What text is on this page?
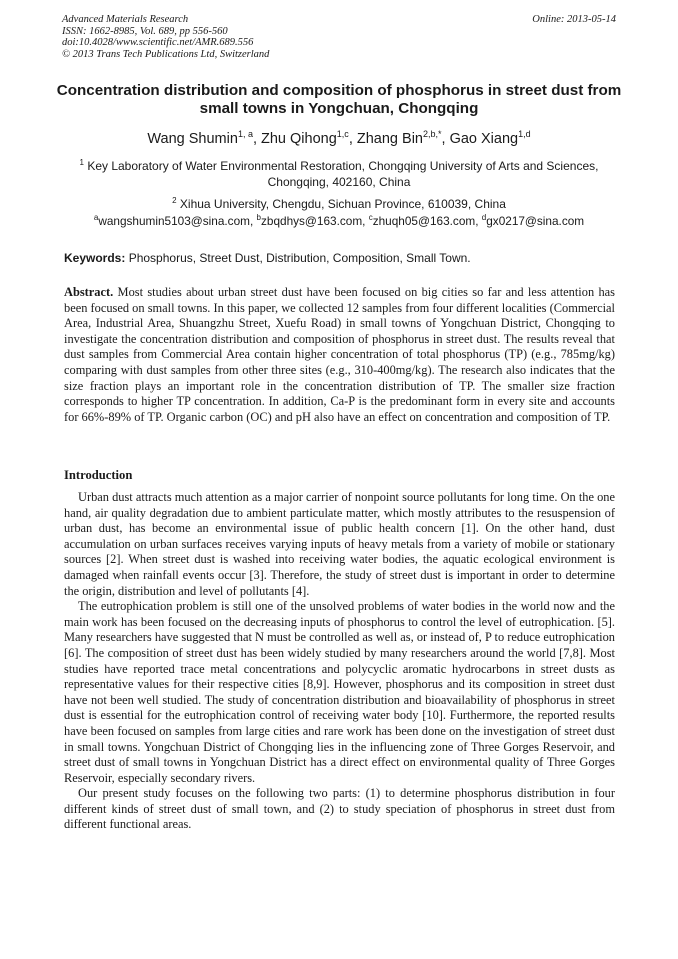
Advanced Materials Research
ISSN: 1662-8985, Vol. 689, pp 556-560
doi:10.4028/www.scientific.net/AMR.689.556
© 2013 Trans Tech Publications Ltd, Switzerland
Online: 2013-05-14
Concentration distribution and composition of phosphorus in street dust from small towns in Yongchuan, Chongqing
Wang Shumin$^{1, a}$, Zhu Qihong$^{1,c}$, Zhang Bin$^{2,b,*}$, Gao Xiang$^{1,d}$
$^1$ Key Laboratory of Water Environmental Restoration, Chongqing University of Arts and Sciences, Chongqing, 402160, China
$^2$ Xihua University, Chengdu, Sichuan Province, 610039, China
$^a$wangshumin5103@sina.com, $^b$zbqdhys@163.com, $^c$zhuqh05@163.com, $^d$gx0217@sina.com
Keywords: Phosphorus, Street Dust, Distribution, Composition, Small Town.
Abstract. Most studies about urban street dust have been focused on big cities so far and less attention has been focused on small towns. In this paper, we collected 12 samples from four different localities (Commercial Area, Industrial Area, Shuangzhu Street, Xuefu Road) in small towns of Yongchuan District, Chongqing to investigate the concentration distribution and composition of phosphorus in street dust. The results reveal that dust samples from Commercial Area contain higher concentration of total phosphorus (TP) (e.g., 785mg/kg) comparing with dust samples from other three sites (e.g., 310-400mg/kg). The research also indicates that the size fraction plays an important role in the concentration distribution of TP. The smaller size fraction corresponds to higher TP concentration. In addition, Ca-P is the predominant form in every site and accounts for 66%-89% of TP. Organic carbon (OC) and pH also have an effect on concentration and composition of TP.
Introduction

Urban dust attracts much attention as a major carrier of nonpoint source pollutants for long time. On the one hand, air quality degradation due to ambient particulate matter, which mostly attributes to the resuspension of urban dust, has become an environmental issue of public health concern [1]. On the other hand, dust accumulation on urban surfaces receives varying inputs of heavy metals from a variety of mobile or stationary sources [2]. When street dust is washed into receiving water bodies, the aquatic ecological environment is damaged when rainfall events occur [3]. Therefore, the study of street dust is important in order to determine the origin, distribution and level of pollutants [4].

The eutrophication problem is still one of the unsolved problems of water bodies in the world now and the main work has been focused on the decreasing inputs of phosphorus to control the level of eutrophication. [5]. Many researchers have suggested that N must be controlled as well as, or instead of, P to reduce eutrophication [6]. The composition of street dust has been widely studied by many researchers around the world [7,8]. Most studies have reported trace metal concentrations and polycyclic aromatic hydrocarbons in street dusts as representative values for their respective cities [8,9]. However, phosphorus and its composition in street dust have not been well studied. The study of concentration distribution and bioavailability of phosphorus in street dust is essential for the eutrophication control of receiving water body [10]. Furthermore, the reported results have been focused on samples from large cities and rare work has been done on the investigation of street dust in small towns. Yongchuan District of Chongqing lies in the influencing zone of Three Gorges Reservoir, and street dust of small towns in Yongchuan District has a direct effect on environmental quality of Three Gorges Reservoir, especially secondary rivers.

Our present study focuses on the following two parts: (1) to determine phosphorus distribution in four different kinds of street dust of small town, and (2) to study speciation of phosphorus in street dust from different functional areas.
